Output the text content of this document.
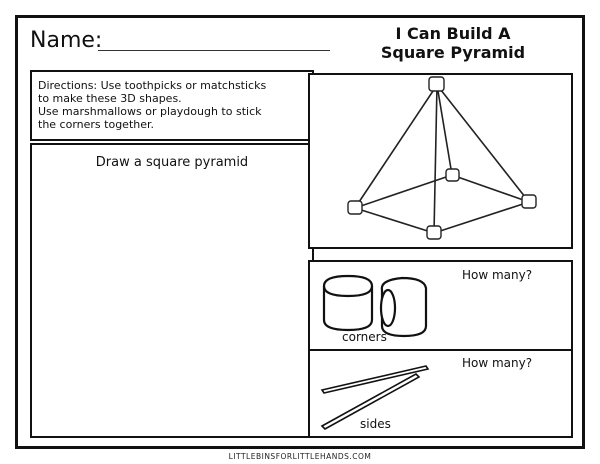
Name:	I Can Build A
Square Pyramid
Directions: Use toothpicks or matchsticks
to make these 3D shapes.
Use marshmallows or playdough to stick
the corners together.
Draw a square pyramid
How many?
corners
How many?
sides
LITTLEBINSFORLITTLEHANDS.COM
